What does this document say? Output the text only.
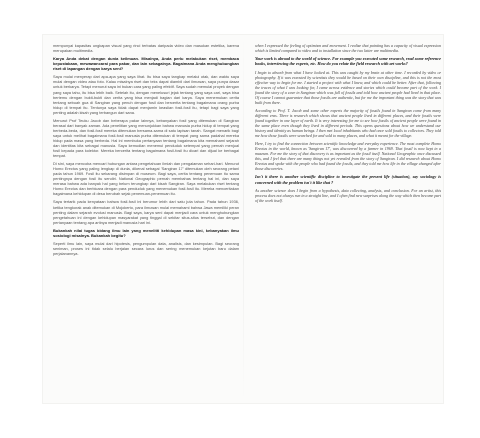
mempunyai kapasitas ungkapan visual yang rinci terbatas daripada video dan masukan estetika, karena merupakan multimedia.

Karya Anda dekat dengan dunia keilmuan. Misalnya, Anda perlu melakukan riset, membaca kepustakaan, mewawancarai para pakar, dan lain sebagainya. Bagaimana Anda menghubungkan riset di lapangan dengan karya seni?

Saya mulai menyerap dari apa-apa yang saya lihat. Itu bisa saya tangkap melalui otak, dan waktu saya mulai dengan video atau foto. Kalau misalnya riset dan teks dapat diambil dari ilmuwan, saya punya dasar untuk berkarya. Tetapi menurut saya ini bukan cara yang paling efektif. Saya sudah memulai proyek dengan yang saya tahu, itu bisa lebih baik. Setelah itu, dengan menelusuri jejak tentang yang saya cari, saya bisa bertemu dengan bukti-bukti dan cerita yang bisa menjadi bagian dari karya. Saya menemukan cerita tentang sebuah gua di Sangiran yang penuh dengan fosil dan bercerita tentang bagaimana orang purba hidup di tempat itu. Tentunya saya tidak dapat menjamin keaslian fosil-fosil itu, tetapi bagi saya yang penting adalah kisah yang terbangun dari sana.

Menurut Prof Teuku Jacob dan beberapa pakar lainnya, kebanyakan fosil yang ditemukan di Sangiran berasal dari banyak zaman. Ada penelitian yang menunjukkan bahwa manusia purba hidup di tempat yang berbeda-beda, dan fosil-fosil mereka ditemukan bersama-sama di satu lapisan tanah. Sangat menarik bagi saya untuk melihat bagaimana fosil-fosil manusia purba ditemukan di tempat yang sama padahal mereka hidup pada masa yang berbeda. Hal ini membuka pertanyaan tentang bagaimana kita memahami sejarah dan identitas kita sebagai manusia. Saya kemudian menemui penduduk setempat yang pernah menjual fosil kepada para kolektor. Mereka bercerita tentang bagaimana fosil-fosil itu dicari dan dijual ke berbagai tempat.

Di sini, saya mencoba mencari hubungan antara pengetahuan ilmiah dan pengalaman sehari-hari. Menurut Homo Erectus yang paling lengkap di dunia, dikenal sebagai 'Sangiran 17' ditemukan oleh seorang petani pada tahun 1969. Fosil itu sekarang disimpan di museum. Bagi saya, cerita tentang penemuan itu sama pentingnya dengan fosil itu sendiri. National Geographic pernah membahas tentang hal ini, dan saya merasa bahwa ada banyak hal yang belum terungkap dari kisah Sangiran. Saya melakukan riset tentang Homo Erectus dan berbicara dengan para penduduk yang menemukan fosil-fosil itu. Mereka menceritakan bagaimana kehidupan di desa berubah sejak penemuan-penemuan itu.

Saya tertarik pada kenyataan bahwa fosil-fosil ini berumur lebih dari satu juta tahun. Pada tahun 1936, ketika tengkorak anak ditemukan di Mojokerto, para ilmuwan mulai memahami bahwa Jawa memiliki peran penting dalam sejarah evolusi manusia. Bagi saya, karya seni dapat menjadi cara untuk menghubungkan pengetahuan ini dengan kehidupan masyarakat yang tinggal di sekitar situs-situs tersebut, dan dengan pertanyaan tentang apa artinya menjadi manusia hari ini.

Bukankah nilai tugas bidang ilmu lain yang menelitti kehidupan masa kini, kebanyakan ilmu sosiologi misalnya. Bukankah begitu?

Seperti ilmu lain, saya mulai dari hipotesis, pengumpulan data, analisis, dan kesimpulan. Bagi seorang seniman, proses ini tidak selalu berjalan secara lurus dan sering menemukan kejutan baru dalam perjalanannya.

when I expressed the feeling of optimism and movement. I realize that painting has a capacity of visual expression which is limited compared to video and to installation since the two latter are multimedia.

Your work is abroad to the world of science. For example you executed some research, read some reference books, interviewing the experts, etc. How do you relate the field research with art works?

I begin to absorb from what I have looked at. This was caught by my brain at other time. I recorded by video or photography. If it was executed by scientists they would be based on their own discipline, and this is not the most effective way to begin for me. I started a project with what I knew, and which could be better. After that, following the traces of what I was looking for, I came across evidence and stories which could become part of the work. I found the story of a cave in Sangiran which was full of fossils and told how ancient people had lived in that place. Of course I cannot guarantee that those fossils are authentic, but for me the important thing was the story that was built from there.

According to Prof. T. Jacob and some other experts the majority of fossils found in Sangiran come from many different eras. There is research which shows that ancient people lived in different places, and their fossils were found together in one layer of earth. It is very interesting for me to see how fossils of ancient people were found in the same place even though they lived in different periods. This opens questions about how we understand our history and identity as human beings. I then met local inhabitants who had once sold fossils to collectors. They told me how those fossils were searched for and sold to many places, and what it meant for the village.

Here, I try to find the connection between scientific knowledge and everyday experience. The most complete Homo Erectus in the world, known as 'Sangiran 17', was discovered by a farmer in 1969. That fossil is now kept in a museum. For me the story of that discovery is as important as the fossil itself. National Geographic once discussed this, and I feel that there are many things not yet revealed from the story of Sangiran. I did research about Homo Erectus and spoke with the people who had found the fossils, and they told me how life in the village changed after those discoveries.

Isn't it there is another scientific discipline to investigate the present life (situation), say sociology is concerned with the problem isn't it like that ?

As another science does I begin from a hypothesis, data collecting, analysis, and conclusion. For an artist, this process does not always run in a straight line, and I often find new surprises along the way which then become part of the work itself.
